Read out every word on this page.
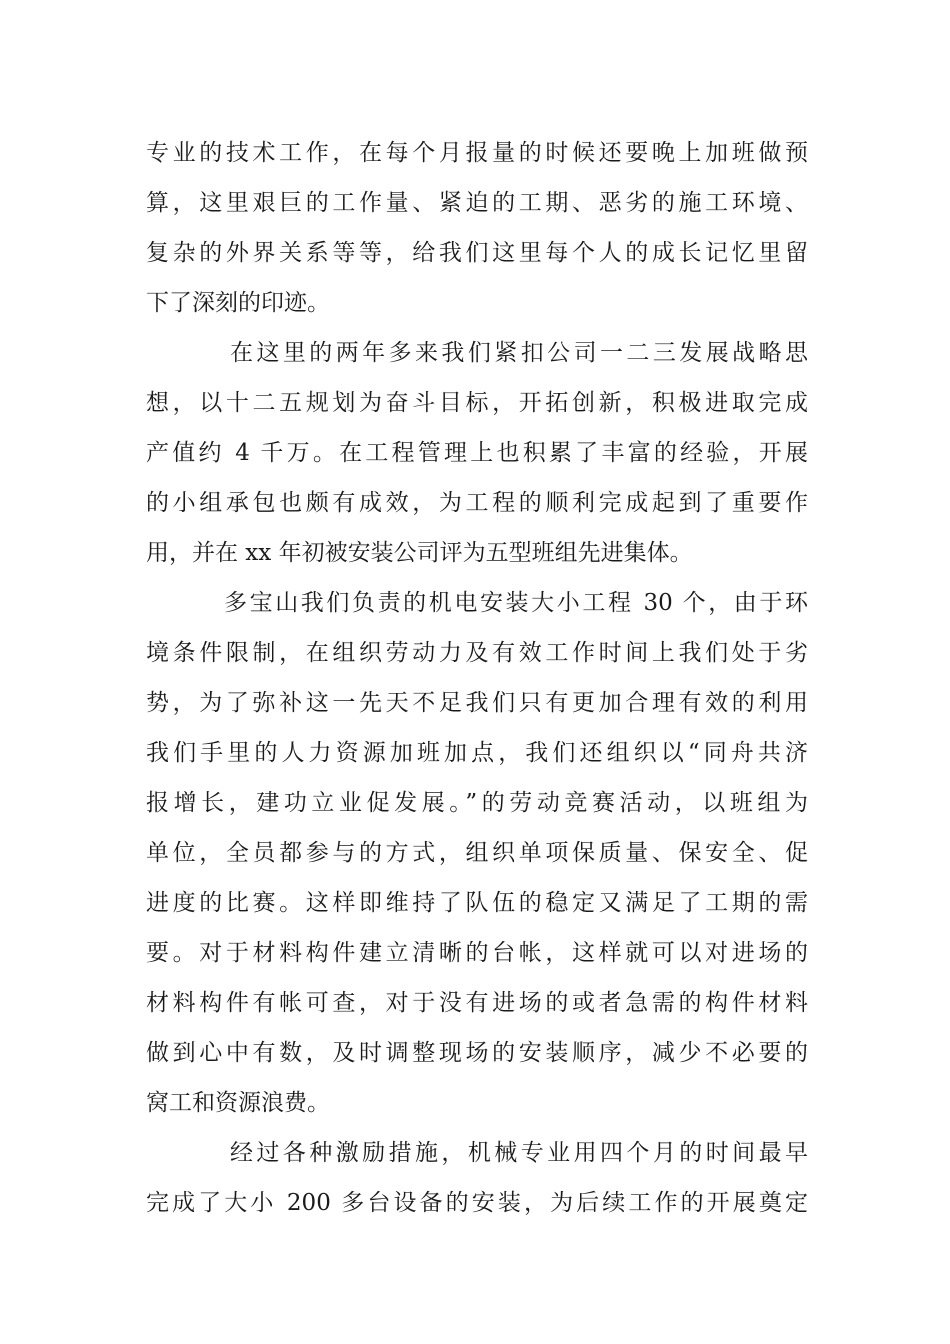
专业的技术工作，在每个月报量的时候还要晚上加班做预
算，这里艰巨的工作量、紧迫的工期、恶劣的施工环境、
复杂的外界关系等等，给我们这里每个人的成长记忆里留
下了深刻的印迹。
在这里的两年多来我们紧扣公司一二三发展战略思
想，以十二五规划为奋斗目标，开拓创新，积极进取完成
产值约 4 千万。在工程管理上也积累了丰富的经验，开展
的小组承包也颇有成效，为工程的顺利完成起到了重要作
用，并在 xx 年初被安装公司评为五型班组先进集体。
多宝山我们负责的机电安装大小工程 30 个，由于环
境条件限制，在组织劳动力及有效工作时间上我们处于劣
势，为了弥补这一先天不足我们只有更加合理有效的利用
我们手里的人力资源加班加点，我们还组织以“同舟共济
报增长，建功立业促发展。”的劳动竞赛活动，以班组为
单位，全员都参与的方式，组织单项保质量、保安全、促
进度的比赛。这样即维持了队伍的稳定又满足了工期的需
要。对于材料构件建立清晰的台帐，这样就可以对进场的
材料构件有帐可查，对于没有进场的或者急需的构件材料
做到心中有数，及时调整现场的安装顺序，减少不必要的
窝工和资源浪费。
经过各种激励措施，机械专业用四个月的时间最早
完成了大小 200 多台设备的安装，为后续工作的开展奠定
